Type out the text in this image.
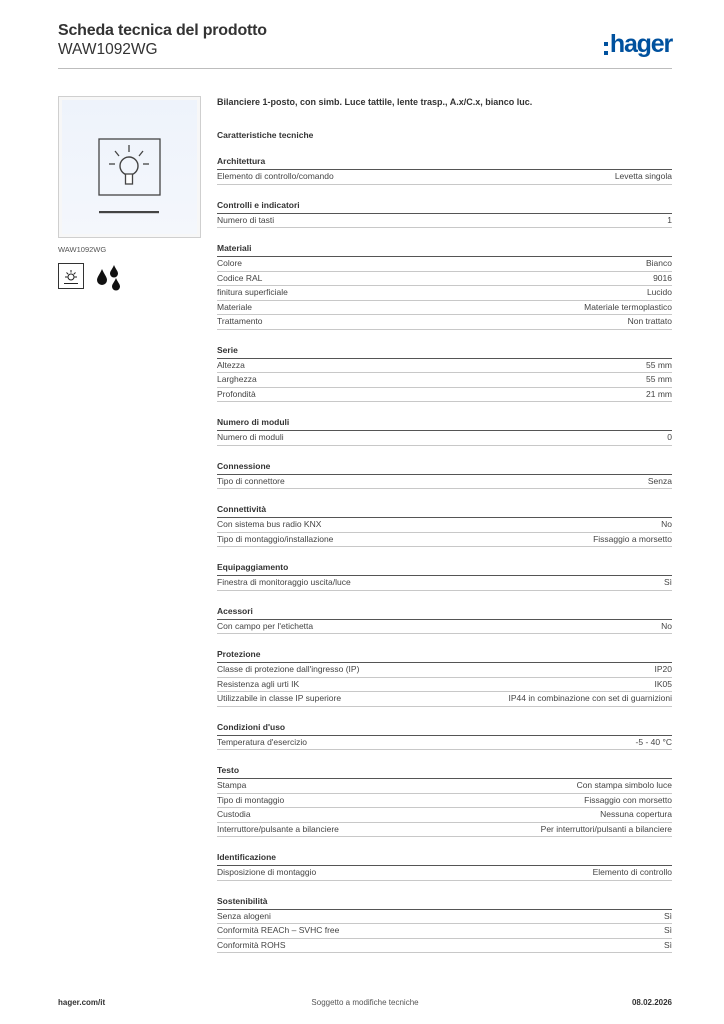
Scheda tecnica del prodotto
WAW1092WG	hager
WAW1092WG
Bilanciere 1-posto, con simb. Luce tattile, lente trasp., A.x/C.x, bianco luc.
Caratteristiche tecniche
Architettura
Elemento di controllo/comando	Levetta singola
Controlli e indicatori
Numero di tasti	1
Materiali
Colore	Bianco
Codice RAL	9016
finitura superficiale	Lucido
Materiale	Materiale termoplastico
Trattamento	Non trattato
Serie
Altezza	55 mm
Larghezza	55 mm
Profondità	21 mm
Numero di moduli
Numero di moduli	0
Connessione
Tipo di connettore	Senza
Connettività
Con sistema bus radio KNX	No
Tipo di montaggio/installazione	Fissaggio a morsetto
Equipaggiamento
Finestra di monitoraggio uscita/luce	Sì
Acessori
Con campo per l'etichetta	No
Protezione
Classe di protezione dall'ingresso (IP)	IP20
Resistenza agli urti IK	IK05
Utilizzabile in classe IP superiore	IP44 in combinazione con set di guarnizioni
Condizioni d'uso
Temperatura d'esercizio	-5 - 40 °C
Testo
Stampa	Con stampa simbolo luce
Tipo di montaggio	Fissaggio con morsetto
Custodia	Nessuna copertura
Interruttore/pulsante a bilanciere	Per interruttori/pulsanti a bilanciere
Identificazione
Disposizione di montaggio	Elemento di controllo
Sostenibilità
Senza alogeni	Sì
Conformità REACh – SVHC free	Sì
Conformità ROHS	Sì
hager.com/it	Soggetto a modifiche tecniche	08.02.2026
